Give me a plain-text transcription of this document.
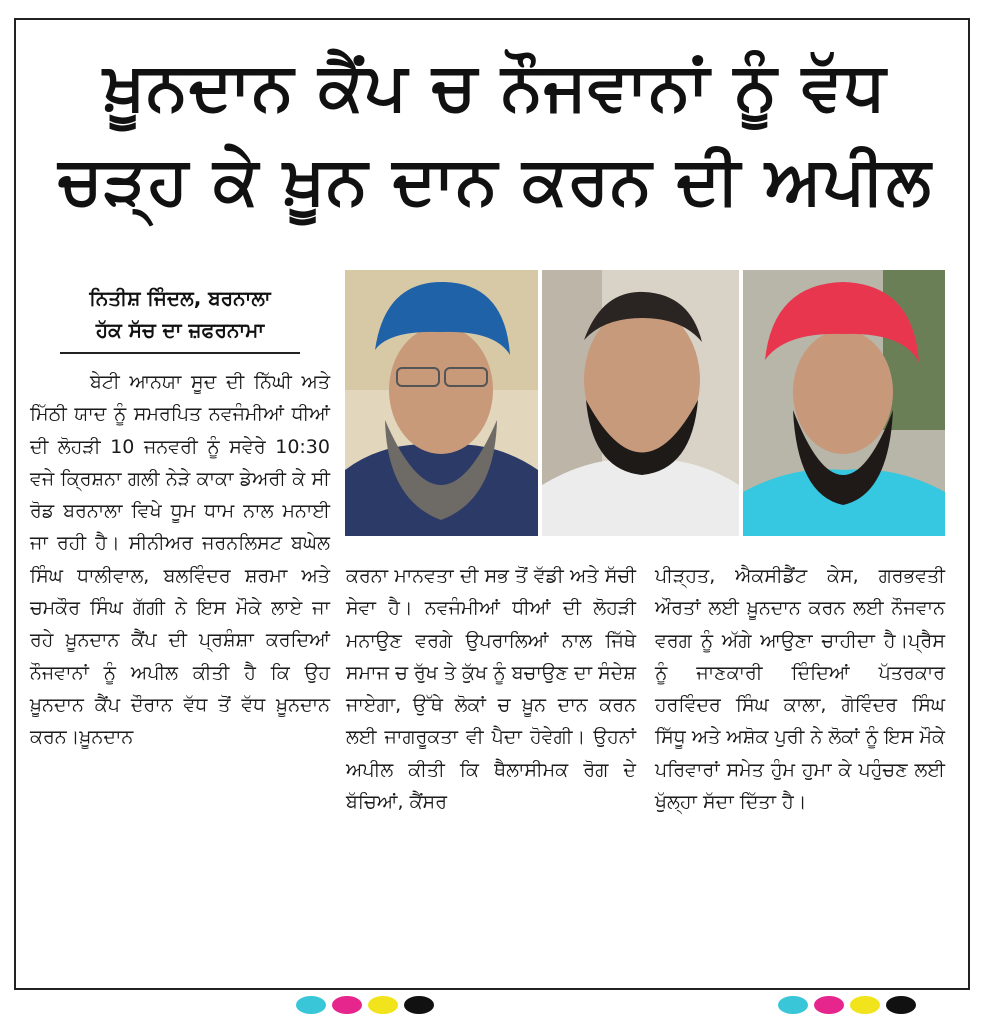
ਖ਼ੂਨਦਾਨ ਕੈਂਪ ਚ ਨੌਜਵਾਨਾਂ ਨੂੰ ਵੱਧ ਚੜ੍ਹ ਕੇ ਖ਼ੂਨ ਦਾਨ ਕਰਨ ਦੀ ਅਪੀਲ
ਨਿਤੀਸ਼ ਜਿੰਦਲ, ਬਰਨਾਲਾ
ਹੱਕ ਸੱਚ ਦਾ ਜ਼ਫਰਨਾਮਾ

ਬੇਟੀ ਆਨਯਾ ਸੂਦ ਦੀ ਨਿੱਘੀ ਅਤੇ ਮਿੱਠੀ ਯਾਦ ਨੂੰ ਸਮਰਪਿਤ ਨਵਜੰਮੀਆਂ ਧੀਆਂ ਦੀ ਲੋਹੜੀ 10 ਜਨਵਰੀ ਨੂੰ ਸਵੇਰੇ 10:30 ਵਜੇ ਕ੍ਰਿਸ਼ਨਾ ਗਲੀ ਨੇੜੇ ਕਾਕਾ ਡੇਅਰੀ ਕੇ ਸੀ ਰੋਡ ਬਰਨਾਲਾ ਵਿਖੇ ਧੂਮ ਧਾਮ ਨਾਲ ਮਨਾਈ ਜਾ ਰਹੀ ਹੈ। ਸੀਨੀਅਰ ਜਰਨਲਿਸਟ ਬਘੇਲ ਸਿੰਘ ਧਾਲੀਵਾਲ, ਬਲਵਿੰਦਰ ਸ਼ਰਮਾ ਅਤੇ ਚਮਕੌਰ ਸਿੰਘ ਗੱਗੀ ਨੇ ਇਸ ਮੌਕੇ ਲਾਏ ਜਾ ਰਹੇ ਖ਼ੂਨਦਾਨ ਕੈਂਪ ਦੀ ਪ੍ਰਸ਼ੰਸ਼ਾ ਕਰਦਿਆਂ ਨੌਜਵਾਨਾਂ ਨੂੰ ਅਪੀਲ ਕੀਤੀ ਹੈ ਕਿ ਉਹ ਖ਼ੂਨਦਾਨ ਕੈਂਪ ਦੌਰਾਨ ਵੱਧ ਤੋਂ ਵੱਧ ਖ਼ੂਨਦਾਨ ਕਰਨ।ਖ਼ੂਨਦਾਨ

ਕਰਨਾ ਮਾਨਵਤਾ ਦੀ ਸਭ ਤੋਂ ਵੱਡੀ ਅਤੇ ਸੱਚੀ ਸੇਵਾ ਹੈ। ਨਵਜੰਮੀਆਂ ਧੀਆਂ ਦੀ ਲੋਹੜੀ ਮਨਾਉਣ ਵਰਗੇ ਉਪਰਾਲਿਆਂ ਨਾਲ ਜਿੱਥੇ ਸਮਾਜ ਚ ਰੁੱਖ ਤੇ ਕੁੱਖ ਨੂੰ ਬਚਾਉਣ ਦਾ ਸੰਦੇਸ਼ ਜਾਏਗਾ, ਉੱਥੇ ਲੋਕਾਂ ਚ ਖ਼ੂਨ ਦਾਨ ਕਰਨ ਲਈ ਜਾਗਰੂਕਤਾ ਵੀ ਪੈਦਾ ਹੋਵੇਗੀ। ਉਹਨਾਂ ਅਪੀਲ ਕੀਤੀ ਕਿ ਥੈਲਾਸੀਮਕ ਰੋਗ ਦੇ ਬੱਚਿਆਂ, ਕੈਂਸਰ

ਪੀੜ੍ਹਤ, ਐਕਸੀਡੈਂਟ ਕੇਸ, ਗਰਭਵਤੀ ਔਰਤਾਂ ਲਈ ਖ਼ੂਨਦਾਨ ਕਰਨ ਲਈ ਨੌਜਵਾਨ ਵਰਗ ਨੂੰ ਅੱਗੇ ਆਉਣਾ ਚਾਹੀਦਾ ਹੈ।ਪ੍ਰੈਸ ਨੂੰ ਜਾਣਕਾਰੀ ਦਿੰਦਿਆਂ ਪੱਤਰਕਾਰ ਹਰਵਿੰਦਰ ਸਿੰਘ ਕਾਲਾ, ਗੋਵਿੰਦਰ ਸਿੰਘ ਸਿੱਧੂ ਅਤੇ ਅਸ਼ੋਕ ਪੁਰੀ ਨੇ ਲੋਕਾਂ ਨੂੰ ਇਸ ਮੌਕੇ ਪਰਿਵਾਰਾਂ ਸਮੇਤ ਹੁੰਮ ਹੁਮਾ ਕੇ ਪਹੁੰਚਣ ਲਈ ਖੁੱਲ੍ਹਾ ਸੱਦਾ ਦਿੱਤਾ ਹੈ।
